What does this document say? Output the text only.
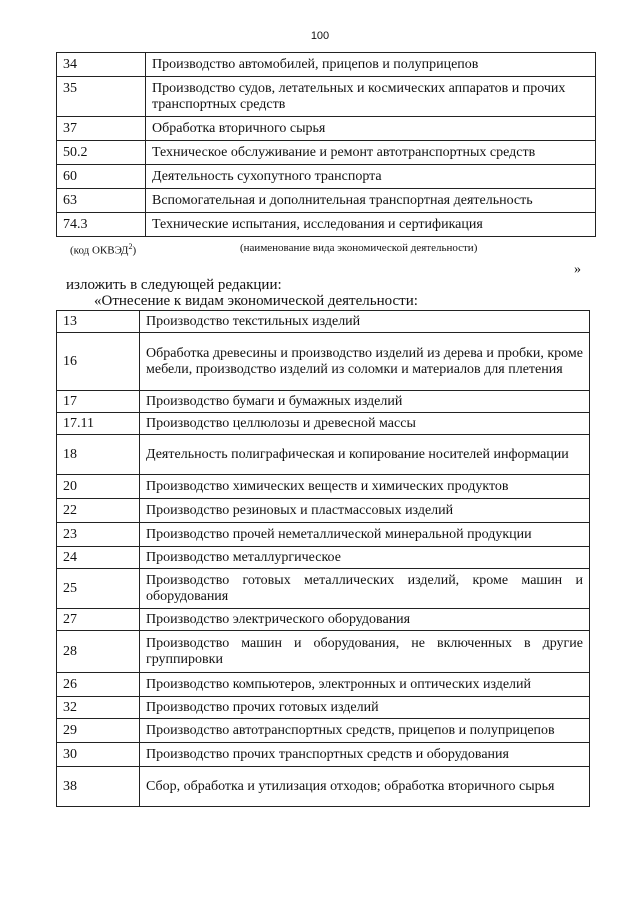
100
34	Производство автомобилей, прицепов и полуприцепов
35	Производство судов, летательных и космических аппаратов и прочих транспортных средств
37	Обработка вторичного сырья
50.2	Техническое обслуживание и ремонт автотранспортных средств
60	Деятельность сухопутного транспорта
63	Вспомогательная и дополнительная транспортная деятельность
74.3	Технические испытания, исследования и сертификация
(код ОКВЭД$^2$)	(наименование вида экономической деятельности)
»
изложить в следующей редакции:
«Отнесение к видам экономической деятельности:
13	Производство текстильных изделий
16	Обработка древесины и производство изделий из дерева и пробки, кроме мебели, производство изделий из соломки и материалов для плетения
17	Производство бумаги и бумажных изделий
17.11	Производство целлюлозы и древесной массы
18	Деятельность полиграфическая и копирование носителей информации
20	Производство химических веществ и химических продуктов
22	Производство резиновых и пластмассовых изделий
23	Производство прочей неметаллической минеральной продукции
24	Производство металлургическое
25	Производство готовых металлических изделий, кроме машин и оборудования
27	Производство электрического оборудования
28	Производство машин и оборудования, не включенных в другие группировки
26	Производство компьютеров, электронных и оптических изделий
32	Производство прочих готовых изделий
29	Производство автотранспортных средств, прицепов и полуприцепов
30	Производство прочих транспортных средств и оборудования
38	Сбор, обработка и утилизация отходов; обработка вторичного сырья
